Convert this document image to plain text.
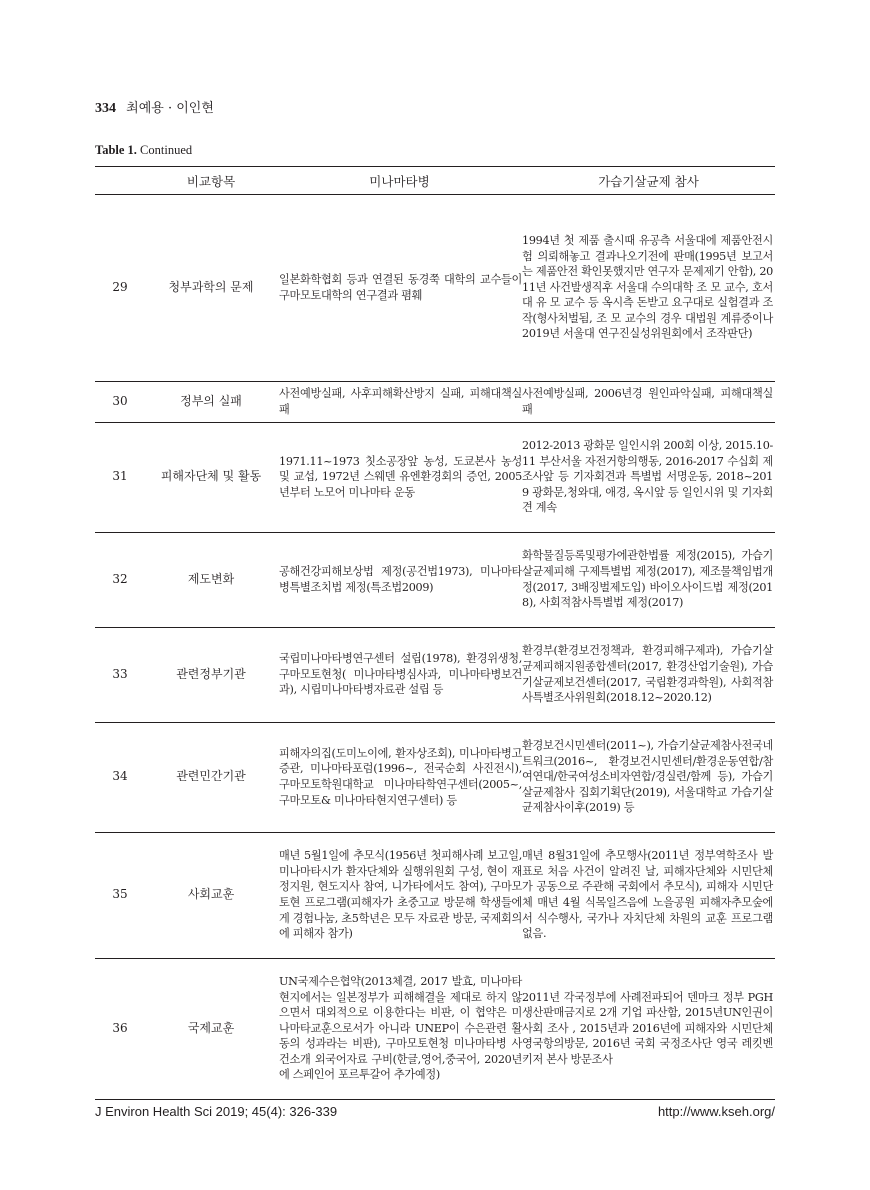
334 최예용 · 이인현
Table 1. Continued
	비교항목	미나마타병	가습기살균제 참사
29	청부과학의 문제	일본화학협회 등과 연결된 동경쭉 대학의 교수들이 구마모토대학의 연구결과 폄훼	1994년 첫 제품 출시때 유공측 서울대에 제품안전시험 의뢰해놓고 결과나오기전에 판매(1995년 보고서는 제품안전 확인못했지만 연구자 문제제기 안함), 2011년 사건발생직후 서울대 수의대학 조 모 교수, 호서대 유 모 교수 등 옥시측 돈받고 요구대로 실험결과 조작(형사처벌됨, 조 모 교수의 경우 대법원 계류중이나 2019년 서울대 연구진실성위원회에서 조작판단)
30	정부의 실패	사전예방실패, 사후피해확산방지 실패, 피해대책실패	사전예방실패, 2006년경 원인파악실패, 피해대책실패
31	피해자단체 및 활동	1971.11~1973 칫소공장앞 농성, 도쿄본사 농성 및 교섭, 1972년 스웨덴 유엔환경회의 증언, 2005년부터 노모어 미나마타 운동	2012-2013 광화문 일인시위 200회 이상, 2015.10-11 부산서울 자전거항의행동, 2016-2017 수십회 제조사앞 등 기자회견과 특별법 서명운동, 2018~2019 광화문,청와대, 애경, 옥시앞 등 일인시위 및 기자회견 계속
32	제도변화	공해건강피해보상법 제정(공건법1973), 미나마타병특별조치법 제정(특조법2009)	화학물질등록및평가에관한법률 제정(2015), 가습기살균제피해 구제특별법 제정(2017), 제조물책임법개정(2017, 3배징벌제도입) 바이오사이드법 제정(2018), 사회적참사특별법 제정(2017)
33	관련정부기관	국립미나마타병연구센터 설립(1978), 환경위생청, 구마모토현청( 미나마타병심사과, 미나마타병보건과), 시립미나마타병자료관 설립 등	환경부(환경보건정책과, 환경피해구제과), 가습기살균제피해지원종합센터(2017, 환경산업기술원), 가습기살균제보건센터(2017, 국립환경과학원), 사회적참사특별조사위원회(2018.12~2020.12)
34	관련민간기관	피해자의집(도미노이에, 환자상조회), 미나마타병고증관, 미나마타포럼(1996~, 전국순회 사진전시), 구마모토학원대학교 미나마타학연구센터(2005~, 구마모토& 미나마타현지연구센터) 등	환경보건시민센터(2011~), 가습기살균제참사전국네트워크(2016~, 환경보건시민센터/환경운동연합/참여연대/한국여성소비자연합/경실련/함께 등), 가습기살균제참사 집회기획단(2019), 서울대학교 가습기살균제참사이후(2019) 등
35	사회교훈	매년 5월1일에 추모식(1956년 첫피해사례 보고일, 미나마타시가 환자단체와 실행위원회 구성, 현이 재정지원, 현도지사 참여, 니가타에서도 참여), 구마모토현 프로그램(피해자가 초중고교 방문해 학생들에게 경험나눔, 초5학년은 모두 자료관 방문, 국제회의에 피해자 참가)	매년 8월31일에 추모행사(2011년 정부역학조사 발표로 처음 사건이 알려진 날, 피해자단체와 시민단체가 공동으로 주관해 국회에서 추모식), 피해자 시민단체 매년 4월 식목일즈음에 노을공원 피해자추모숲에서 식수행사, 국가나 자치단체 차원의 교훈 프로그램 없음.
36	국제교훈	UN국제수은협약(2013체결, 2017 발효, 미나마타 현지에서는 일본정부가 피해해결을 제대로 하지 않으면서 대외적으로 이용한다는 비판, 이 협약은 미나마타교훈으로서가 아니라 UNEP이 수은관련 활동의 성과라는 비판), 구마모토현청 미나마타병 사건소개 외국어자료 구비(한글,영어,중국어, 2020년에 스페인어 포르투갈어 추가예정)	2011년 각국정부에 사례전파되어 덴마크 정부 PGH생산판매금지로 2개 기업 파산함, 2015년UN인권이사회 조사 , 2015년과 2016년에 피해자와 시민단체 영국항의방문, 2016년 국회 국정조사단 영국 레킷벤키저 본사 방문조사
J Environ Health Sci 2019; 45(4): 326-339	http://www.kseh.org/
